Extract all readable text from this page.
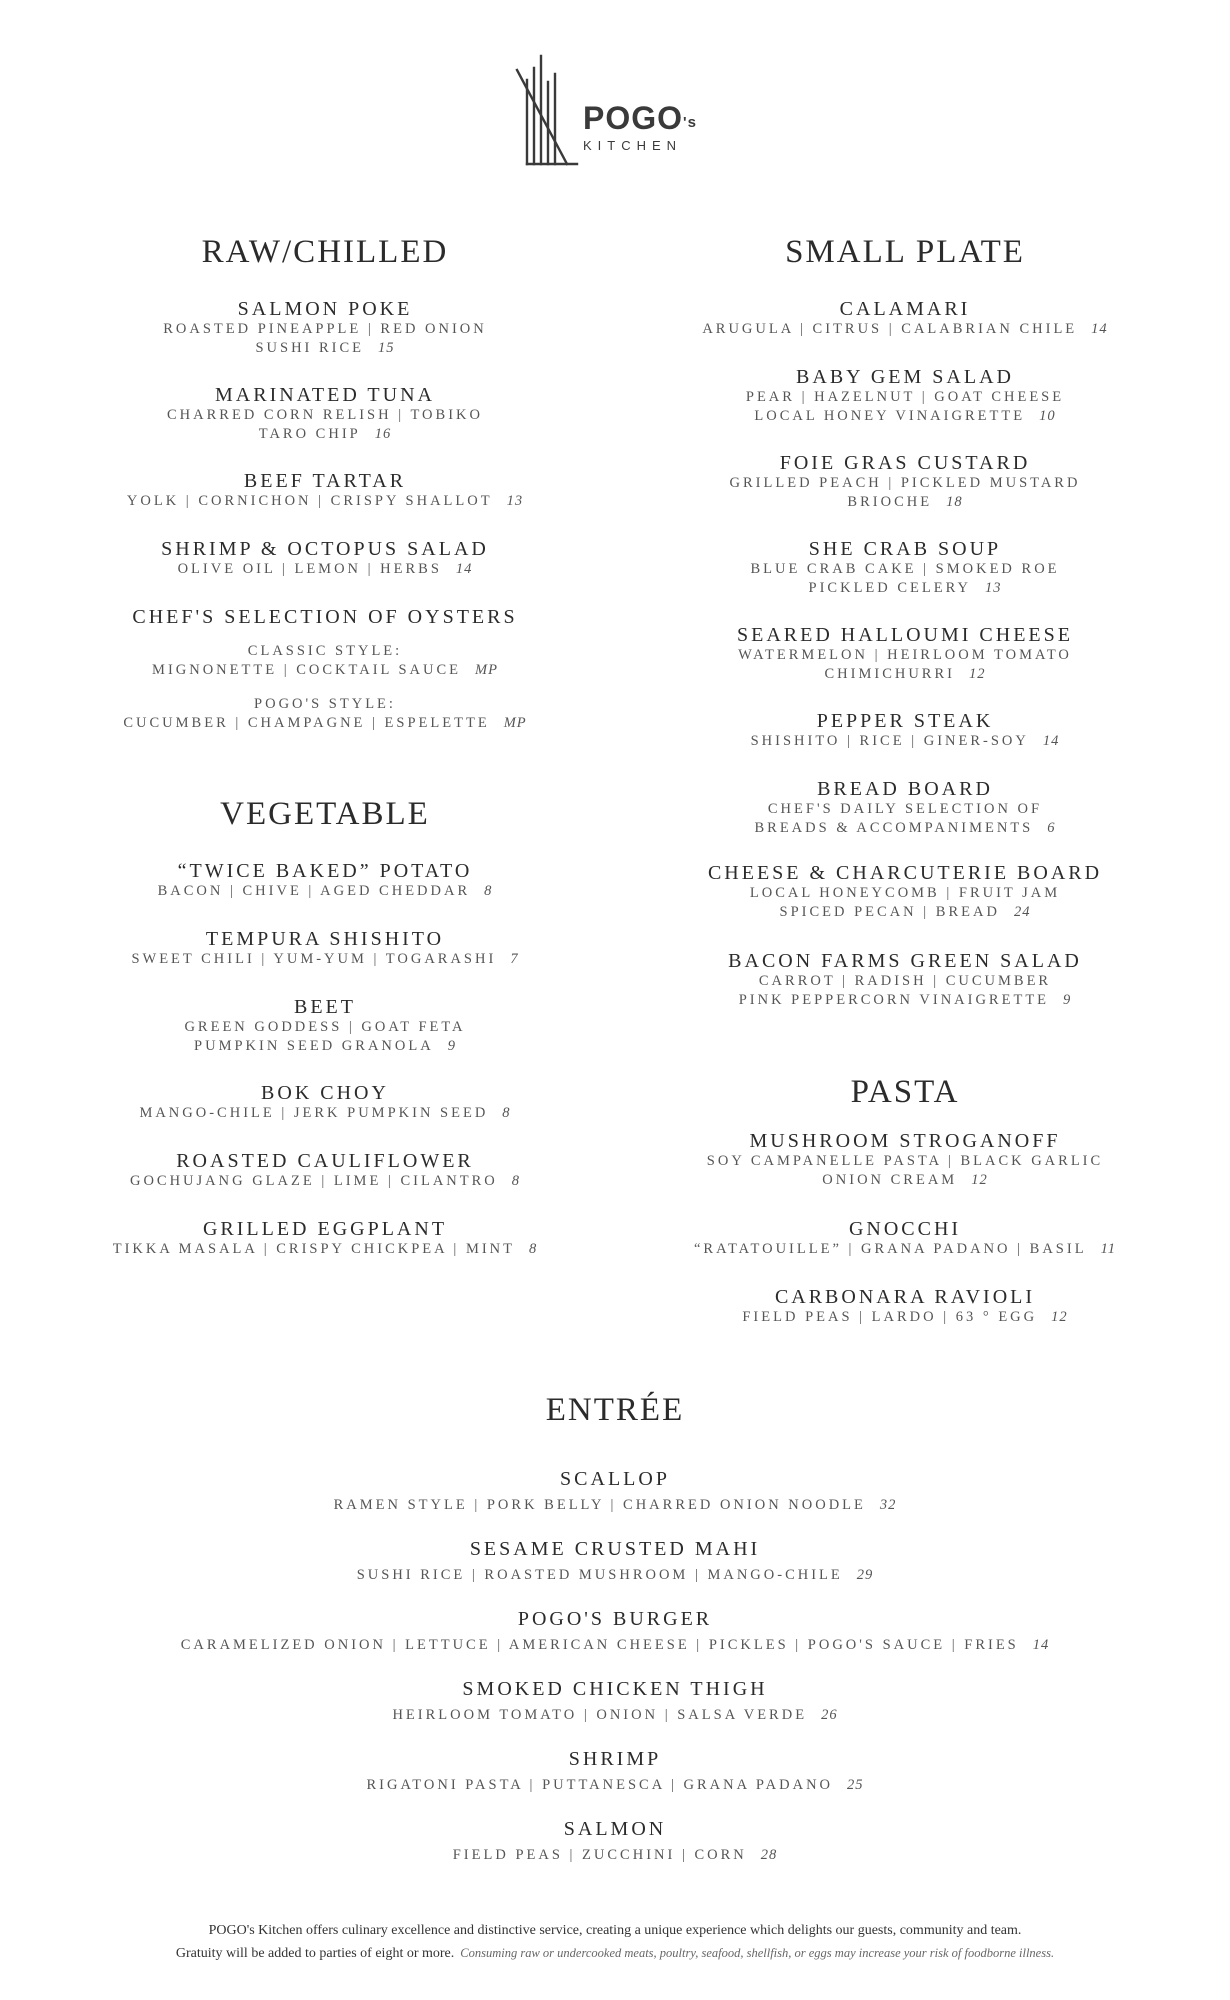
$POGO_{'s}$
KITCHEN
RAW/CHILLED
SALMON POKE
ROASTED PINEAPPLE | RED ONION
SUSHI RICE 15
MARINATED TUNA
CHARRED CORN RELISH | TOBIKO
TARO CHIP 16
BEEF TARTAR
YOLK | CORNICHON | CRISPY SHALLOT 13
SHRIMP & OCTOPUS SALAD
OLIVE OIL | LEMON | HERBS 14
CHEF'S SELECTION OF OYSTERS
CLASSIC STYLE:
MIGNONETTE | COCKTAIL SAUCE MP
POGO'S STYLE:
CUCUMBER | CHAMPAGNE | ESPELETTE MP
VEGETABLE
“TWICE BAKED” POTATO
BACON | CHIVE | AGED CHEDDAR 8
TEMPURA SHISHITO
SWEET CHILI | YUM-YUM | TOGARASHI 7
BEET
GREEN GODDESS | GOAT FETA
PUMPKIN SEED GRANOLA 9
BOK CHOY
MANGO-CHILE | JERK PUMPKIN SEED 8
ROASTED CAULIFLOWER
GOCHUJANG GLAZE | LIME | CILANTRO 8
GRILLED EGGPLANT
TIKKA MASALA | CRISPY CHICKPEA | MINT 8
SMALL PLATE
CALAMARI
ARUGULA | CITRUS | CALABRIAN CHILE 14
BABY GEM SALAD
PEAR | HAZELNUT | GOAT CHEESE
LOCAL HONEY VINAIGRETTE 10
FOIE GRAS CUSTARD
GRILLED PEACH | PICKLED MUSTARD
BRIOCHE 18
SHE CRAB SOUP
BLUE CRAB CAKE | SMOKED ROE
PICKLED CELERY 13
SEARED HALLOUMI CHEESE
WATERMELON | HEIRLOOM TOMATO
CHIMICHURRI 12
PEPPER STEAK
SHISHITO | RICE | GINER-SOY 14
BREAD BOARD
CHEF'S DAILY SELECTION OF
BREADS & ACCOMPANIMENTS 6
CHEESE & CHARCUTERIE BOARD
LOCAL HONEYCOMB | FRUIT JAM
SPICED PECAN | BREAD 24
BACON FARMS GREEN SALAD
CARROT | RADISH | CUCUMBER
PINK PEPPERCORN VINAIGRETTE 9
PASTA
MUSHROOM STROGANOFF
SOY CAMPANELLE PASTA | BLACK GARLIC
ONION CREAM 12
GNOCCHI
“RATATOUILLE” | GRANA PADANO | BASIL 11
CARBONARA RAVIOLI
FIELD PEAS | LARDO | 63 ° EGG 12
ENTRÉE
SCALLOP
RAMEN STYLE | PORK BELLY | CHARRED ONION NOODLE 32
SESAME CRUSTED MAHI
SUSHI RICE | ROASTED MUSHROOM | MANGO-CHILE 29
POGO'S BURGER
CARAMELIZED ONION | LETTUCE | AMERICAN CHEESE | PICKLES | POGO'S SAUCE | FRIES 14
SMOKED CHICKEN THIGH
HEIRLOOM TOMATO | ONION | SALSA VERDE 26
SHRIMP
RIGATONI PASTA | PUTTANESCA | GRANA PADANO 25
SALMON
FIELD PEAS | ZUCCHINI | CORN 28
POGO's Kitchen offers culinary excellence and distinctive service, creating a unique experience which delights our guests, community and team.
Gratuity will be added to parties of eight or more. Consuming raw or undercooked meats, poultry, seafood, shellfish, or eggs may increase your risk of foodborne illness.
